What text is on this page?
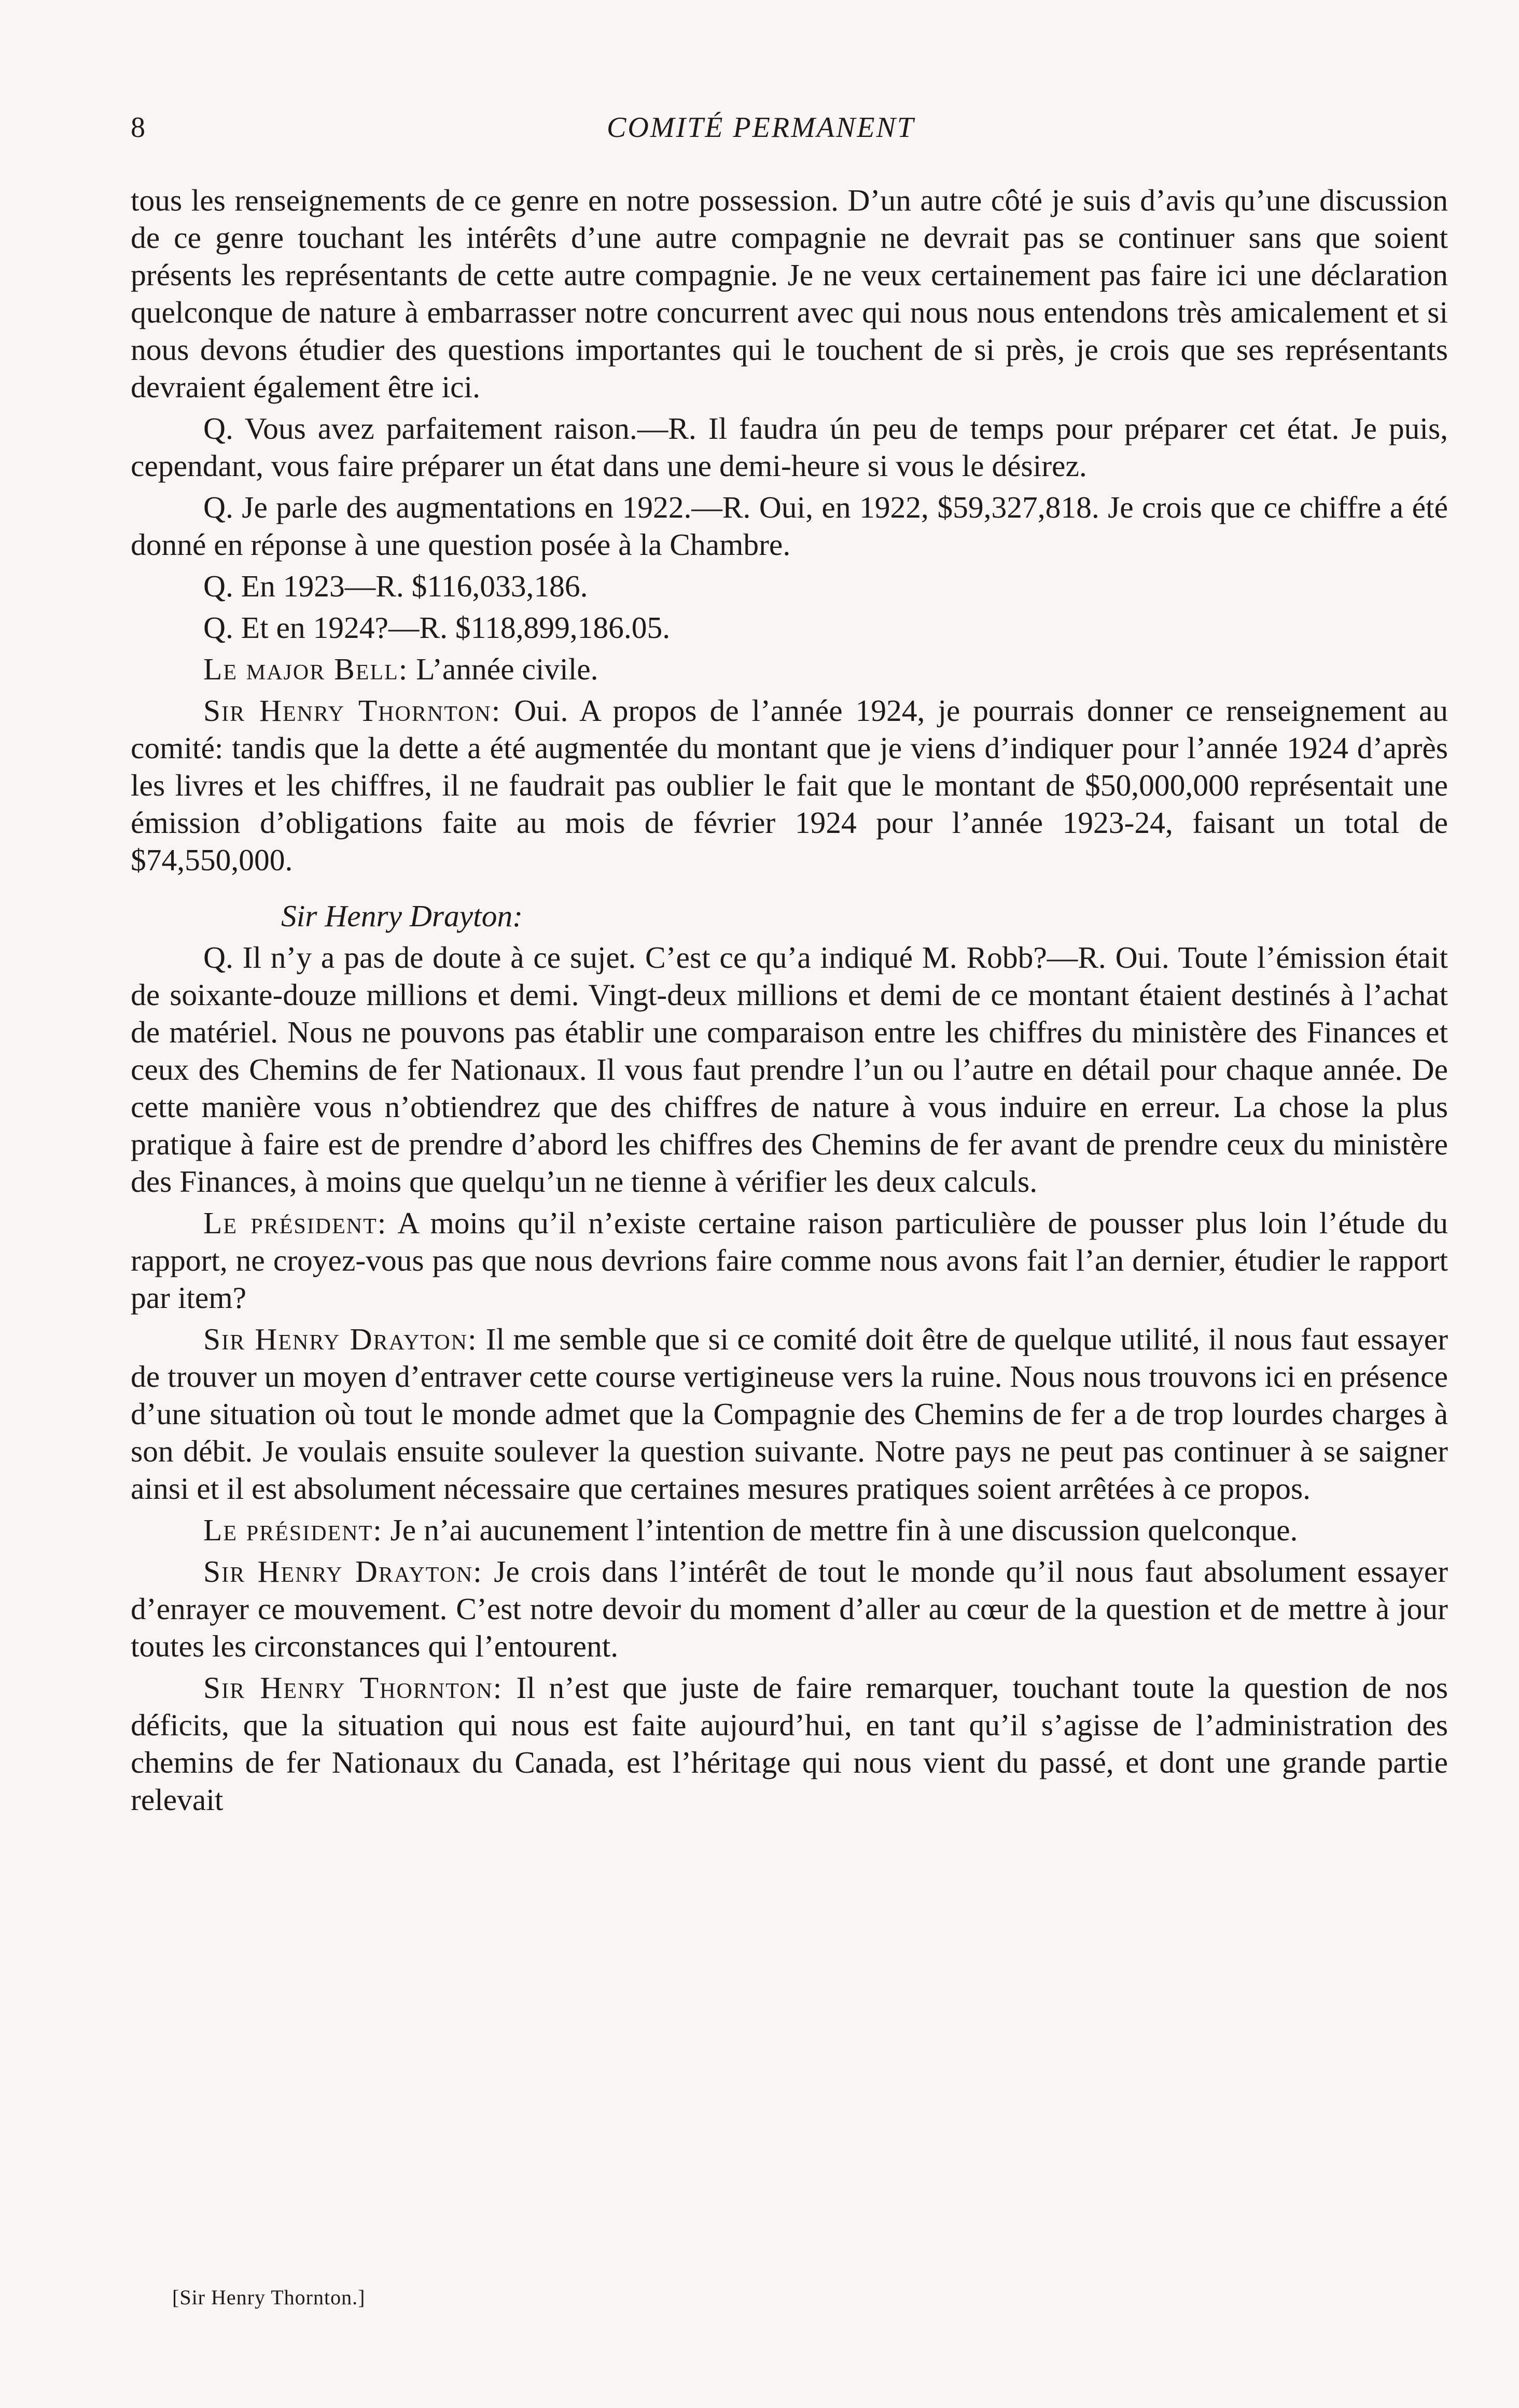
8	COMITÉ PERMANENT

tous les renseignements de ce genre en notre possession. D’un autre côté je suis d’avis qu’une discussion de ce genre touchant les intérêts d’une autre compagnie ne devrait pas se continuer sans que soient présents les représentants de cette autre compagnie. Je ne veux certainement pas faire ici une déclaration quelconque de nature à embarrasser notre concurrent avec qui nous nous entendons très amicalement et si nous devons étudier des questions importantes qui le touchent de si près, je crois que ses représentants devraient également être ici.

Q. Vous avez parfaitement raison.—R. Il faudra ún peu de temps pour préparer cet état. Je puis, cependant, vous faire préparer un état dans une demi-heure si vous le désirez.

Q. Je parle des augmentations en 1922.—R. Oui, en 1922, $59,327,818. Je crois que ce chiffre a été donné en réponse à une question posée à la Chambre.

Q. En 1923—R. $116,033,186.

Q. Et en 1924?—R. $118,899,186.05.

Le major Bell: L’année civile.

Sir Henry Thornton: Oui. A propos de l’année 1924, je pourrais donner ce renseignement au comité: tandis que la dette a été augmentée du montant que je viens d’indiquer pour l’année 1924 d’après les livres et les chiffres, il ne faudrait pas oublier le fait que le montant de $50,000,000 représentait une émission d’obligations faite au mois de février 1924 pour l’année 1923-24, faisant un total de $74,550,000.

Sir Henry Drayton:

Q. Il n’y a pas de doute à ce sujet. C’est ce qu’a indiqué M. Robb?—R. Oui. Toute l’émission était de soixante-douze millions et demi. Vingt-deux millions et demi de ce montant étaient destinés à l’achat de matériel. Nous ne pouvons pas établir une comparaison entre les chiffres du ministère des Finances et ceux des Chemins de fer Nationaux. Il vous faut prendre l’un ou l’autre en détail pour chaque année. De cette manière vous n’obtiendrez que des chiffres de nature à vous induire en erreur. La chose la plus pratique à faire est de prendre d’abord les chiffres des Chemins de fer avant de prendre ceux du ministère des Finances, à moins que quelqu’un ne tienne à vérifier les deux calculs.

Le président: A moins qu’il n’existe certaine raison particulière de pousser plus loin l’étude du rapport, ne croyez-vous pas que nous devrions faire comme nous avons fait l’an dernier, étudier le rapport par item?

Sir Henry Drayton: Il me semble que si ce comité doit être de quelque utilité, il nous faut essayer de trouver un moyen d’entraver cette course vertigineuse vers la ruine. Nous nous trouvons ici en présence d’une situation où tout le monde admet que la Compagnie des Chemins de fer a de trop lourdes charges à son débit. Je voulais ensuite soulever la question suivante. Notre pays ne peut pas continuer à se saigner ainsi et il est absolument nécessaire que certaines mesures pratiques soient arrêtées à ce propos.

Le président: Je n’ai aucunement l’intention de mettre fin à une discussion quelconque.

Sir Henry Drayton: Je crois dans l’intérêt de tout le monde qu’il nous faut absolument essayer d’enrayer ce mouvement. C’est notre devoir du moment d’aller au cœur de la question et de mettre à jour toutes les circonstances qui l’entourent.

Sir Henry Thornton: Il n’est que juste de faire remarquer, touchant toute la question de nos déficits, que la situation qui nous est faite aujourd’hui, en tant qu’il s’agisse de l’administration des chemins de fer Nationaux du Canada, est l’héritage qui nous vient du passé, et dont une grande partie relevait

[Sir Henry Thornton.]
